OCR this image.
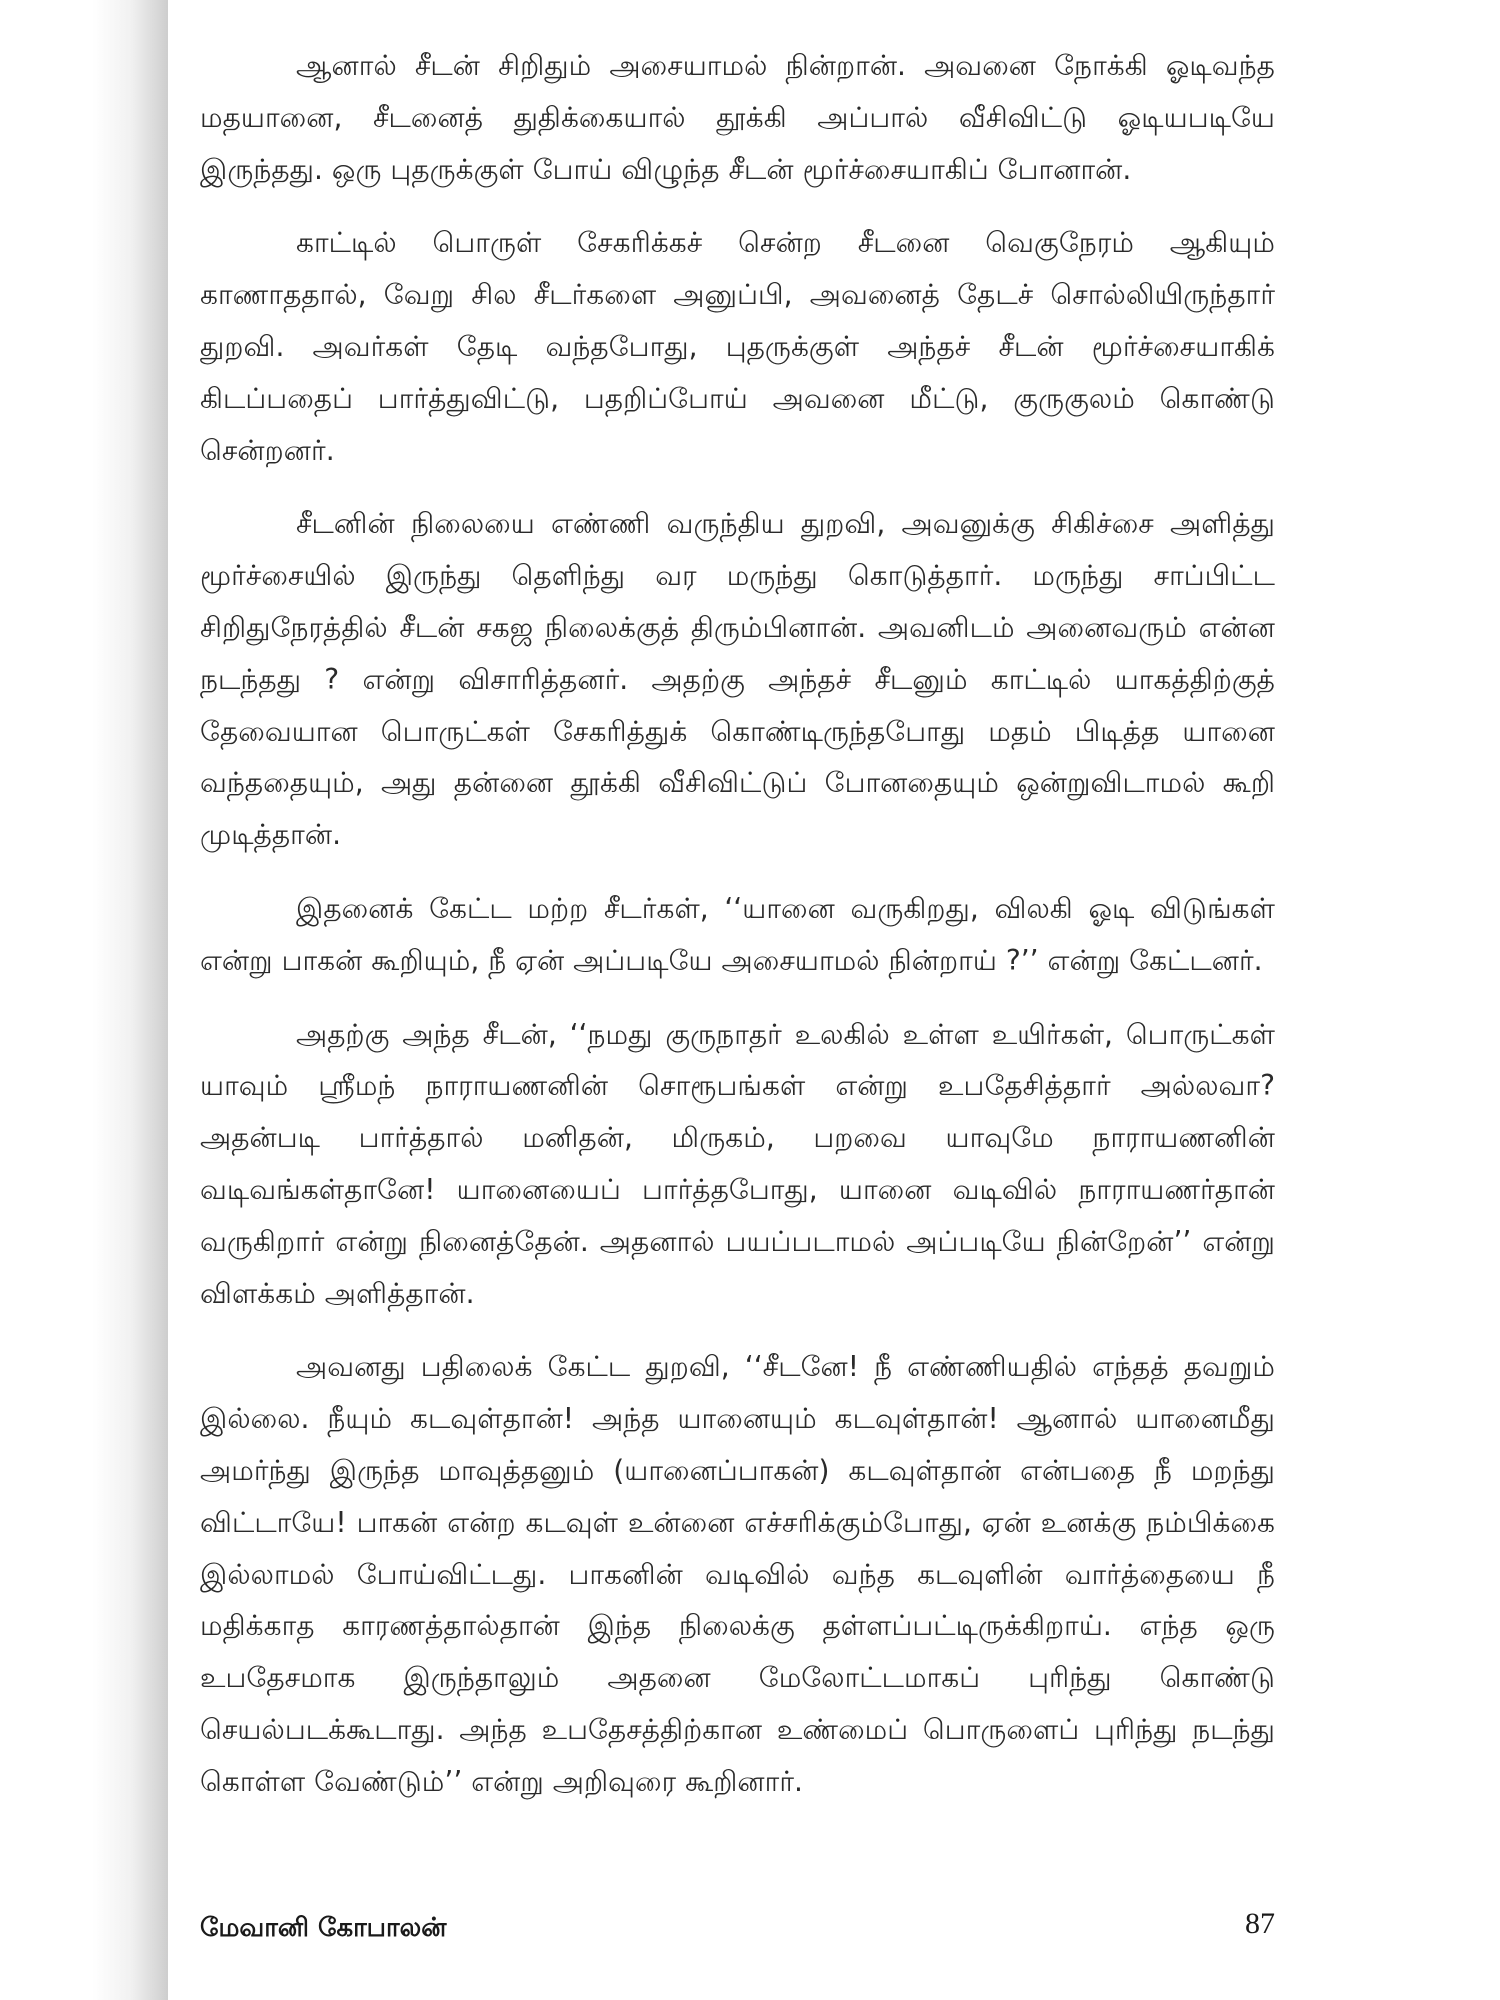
ஆனால் சீடன் சிறிதும் அசையாமல் நின்றான். அவனை நோக்கி ஓடிவந்த மதயானை, சீடனைத் துதிக்கையால் தூக்கி அப்பால் வீசிவிட்டு ஓடியபடியே இருந்தது. ஒரு புதருக்குள் போய் விழுந்த சீடன் மூர்ச்சையாகிப் போனான்.

காட்டில் பொருள் சேகரிக்கச் சென்ற சீடனை வெகுநேரம் ஆகியும் காணாததால், வேறு சில சீடர்களை அனுப்பி, அவனைத் தேடச் சொல்லியிருந்தார் துறவி. அவர்கள் தேடி வந்தபோது, புதருக்குள் அந்தச் சீடன் மூர்ச்சையாகிக் கிடப்பதைப் பார்த்துவிட்டு, பதறிப்போய் அவனை மீட்டு, குருகுலம் கொண்டு சென்றனர்.

சீடனின் நிலையை எண்ணி வருந்திய துறவி, அவனுக்கு சிகிச்சை அளித்து மூர்ச்சையில் இருந்து தெளிந்து வர மருந்து கொடுத்தார். மருந்து சாப்பிட்ட சிறிதுநேரத்தில் சீடன் சகஜ நிலைக்குத் திரும்பினான். அவனிடம் அனைவரும் என்ன நடந்தது ? என்று விசாரித்தனர். அதற்கு அந்தச் சீடனும் காட்டில் யாகத்திற்குத் தேவையான பொருட்கள் சேகரித்துக் கொண்டிருந்தபோது மதம் பிடித்த யானை வந்ததையும், அது தன்னை தூக்கி வீசிவிட்டுப் போனதையும் ஒன்றுவிடாமல் கூறி முடித்தான்.

இதனைக் கேட்ட மற்ற சீடர்கள், ‘‘யானை வருகிறது, விலகி ஓடி விடுங்கள் என்று பாகன் கூறியும், நீ ஏன் அப்படியே அசையாமல் நின்றாய் ?’’ என்று கேட்டனர்.

அதற்கு அந்த சீடன், ‘‘நமது குருநாதர் உலகில் உள்ள உயிர்கள், பொருட்கள் யாவும் ஸ்ரீமந் நாராயணனின் சொரூபங்கள் என்று உபதேசித்தார் அல்லவா? அதன்படி பார்த்தால் மனிதன், மிருகம், பறவை யாவுமே நாராயணனின் வடிவங்கள்தானே! யானையைப் பார்த்தபோது, யானை வடிவில் நாராயணர்தான் வருகிறார் என்று நினைத்தேன். அதனால் பயப்படாமல் அப்படியே நின்றேன்’’ என்று விளக்கம் அளித்தான்.

அவனது பதிலைக் கேட்ட துறவி, ‘‘சீடனே! நீ எண்ணியதில் எந்தத் தவறும் இல்லை. நீயும் கடவுள்தான்! அந்த யானையும் கடவுள்தான்! ஆனால் யானைமீது அமர்ந்து இருந்த மாவுத்தனும் (யானைப்பாகன்) கடவுள்தான் என்பதை நீ மறந்து விட்டாயே! பாகன் என்ற கடவுள் உன்னை எச்சரிக்கும்போது, ஏன் உனக்கு நம்பிக்கை இல்லாமல் போய்விட்டது. பாகனின் வடிவில் வந்த கடவுளின் வார்த்தையை நீ மதிக்காத காரணத்தால்தான் இந்த நிலைக்கு தள்ளப்பட்டிருக்கிறாய். எந்த ஒரு உபதேசமாக இருந்தாலும் அதனை மேலோட்டமாகப் புரிந்து கொண்டு செயல்படக்கூடாது. அந்த உபதேசத்திற்கான உண்மைப் பொருளைப் புரிந்து நடந்து கொள்ள வேண்டும்’’ என்று அறிவுரை கூறினார்.

மேவானி கோபாலன்	87
